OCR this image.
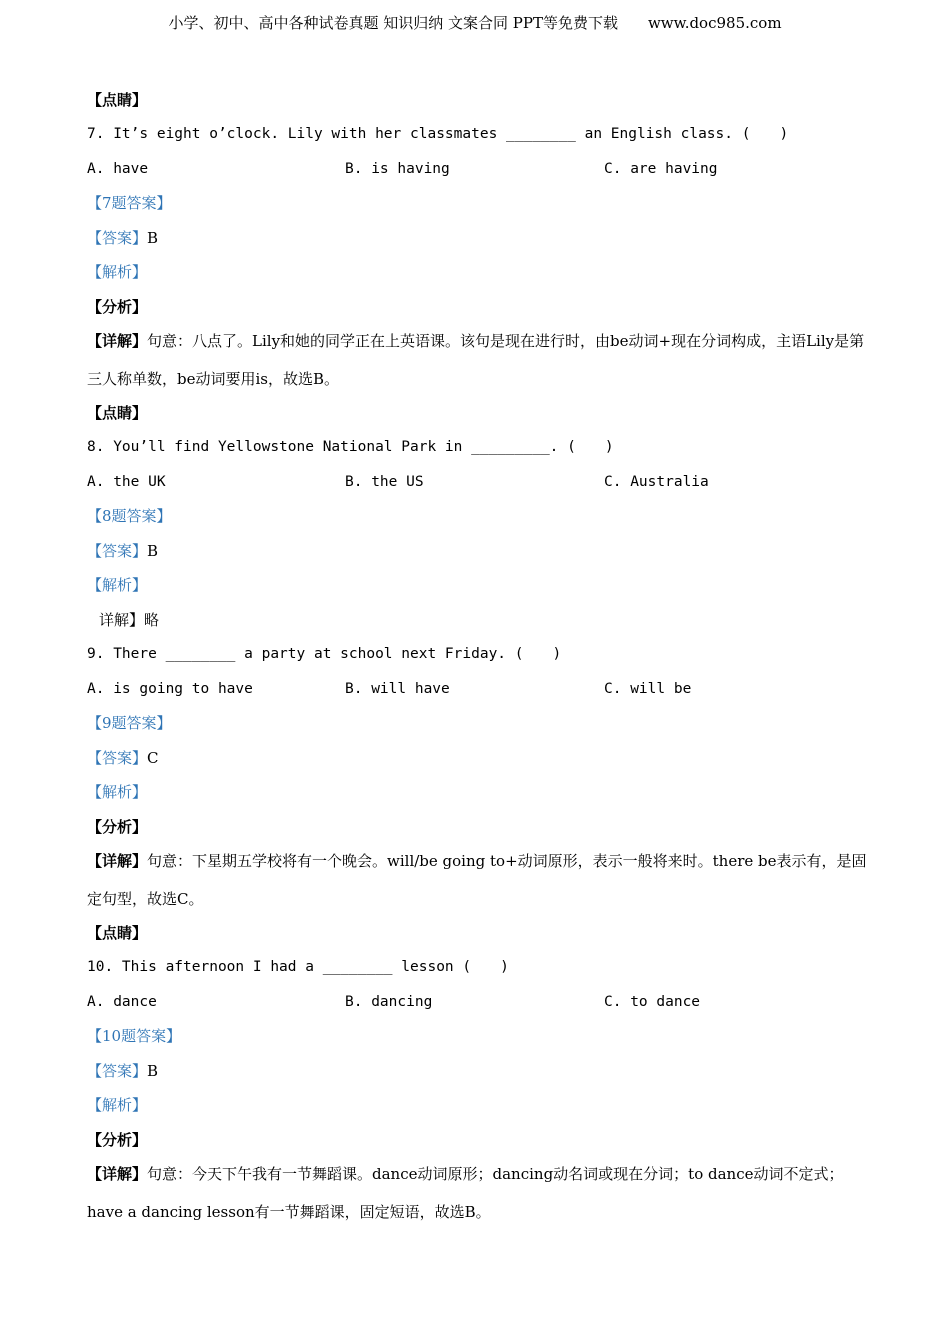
小学、初中、高中各种试卷真题 知识归纳 文案合同 PPT等免费下载　　www.doc985.com
【点睛】
7. It’s eight o’clock. Lily with her classmates ________ an English class. (　　)
A. have	B. is having	C. are having
【7题答案】
【答案】B
【解析】
【分析】
【详解】句意：八点了。Lily和她的同学正在上英语课。该句是现在进行时，由be动词+现在分词构成，主语Lily是第三人称单数，be动词要用is，故选B。
【点睛】
8. You’ll find Yellowstone National Park in _________. (　　)
A. the UK	B. the US	C. Australia
【8题答案】
【答案】B
【解析】
详解】略
9. There ________ a party at school next Friday. (　　)
A. is going to have	B. will have	C. will be
【9题答案】
【答案】C
【解析】
【分析】
【详解】句意：下星期五学校将有一个晚会。will/be going to+动词原形，表示一般将来时。there be表示有，是固定句型，故选C。
【点睛】
10. This afternoon I had a ________ lesson (　　)
A. dance	B. dancing	C. to dance
【10题答案】
【答案】B
【解析】
【分析】
【详解】句意：今天下午我有一节舞蹈课。dance动词原形；dancing动名词或现在分词；to dance动词不定式；have a dancing lesson有一节舞蹈课，固定短语，故选B。
